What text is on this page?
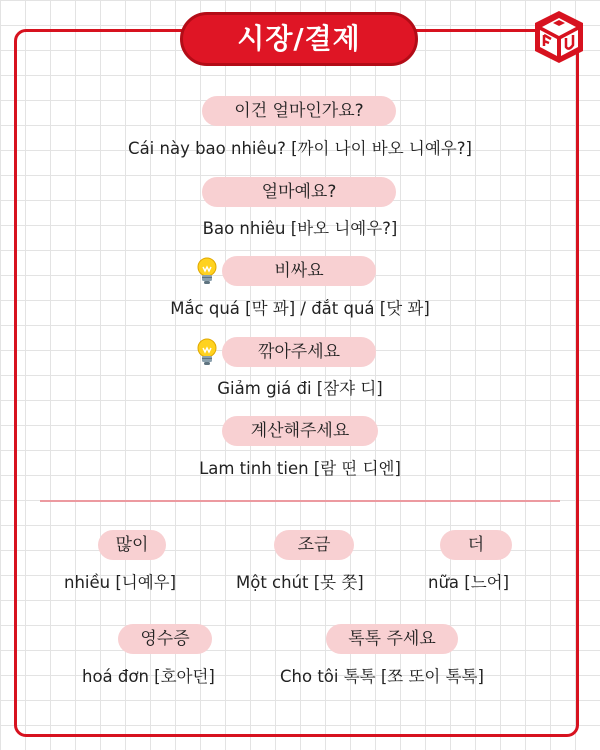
시장/결제
이건 얼마인가요?
Cái này bao nhiêu? [까이 나이 바오 니예우?]
얼마예요?
Bao nhiêu [바오 니예우?]
비싸요
Mắc quá [막 꽈] / đắt quá [닷 꽈]
깎아주세요
Giảm giá đi [잠쟈 디]
계산해주세요
Lam tinh tien [람 띤 디엔]
많이
nhiều [니예우]
조금
Một chút [못 쭛]
더
nữa [느어]
영수증
hoá đơn [호아던]
톡톡 주세요
Cho tôi 톡톡 [쪼 또이 톡톡]
